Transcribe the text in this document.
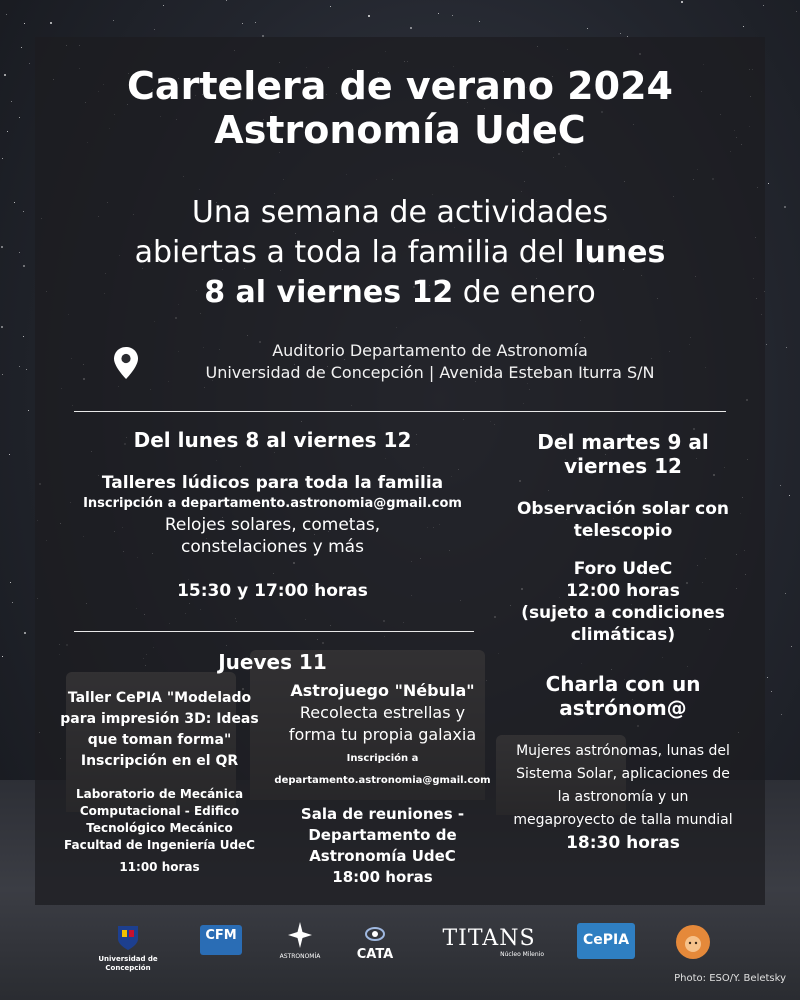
Cartelera de verano 2024
Astronomía UdeC
Una semana de actividades
abiertas a toda la familia del lunes
8 al viernes 12 de enero
Auditorio Departamento de Astronomía
Universidad de Concepción | Avenida Esteban Iturra S/N
Del lunes 8 al viernes 12
Talleres lúdicos para toda la familia
Inscripción a departamento.astronomia@gmail.com
Relojes solares, cometas,
constelaciones y más
15:30 y 17:00 horas
Jueves 11
Taller CePIA "Modelado
para impresión 3D: Ideas
que toman forma"
Inscripción en el QR
Laboratorio de Mecánica
Computacional - Edifico
Tecnológico Mecánico
Facultad de Ingeniería UdeC
11:00 horas
Astrojuego "Nébula"
Recolecta estrellas y
forma tu propia galaxia
Inscripción a
departamento.astronomia@gmail.com
Sala de reuniones -
Departamento de
Astronomía UdeC
18:00 horas
Del martes 9 al
viernes 12
Observación solar con
telescopio
Foro UdeC
12:00 horas
(sujeto a condiciones
climáticas)
Charla con un
astrónom@
Mujeres astrónomas, lunas del
Sistema Solar, aplicaciones de
la astronomía y un
megaproyecto de talla mundial
18:30 horas
Universidad de Concepción
CFM
ASTRONOMÍA	CATA
TITANS
Núcleo Milenio
CePIA
Photo: ESO/Y. Beletsky
